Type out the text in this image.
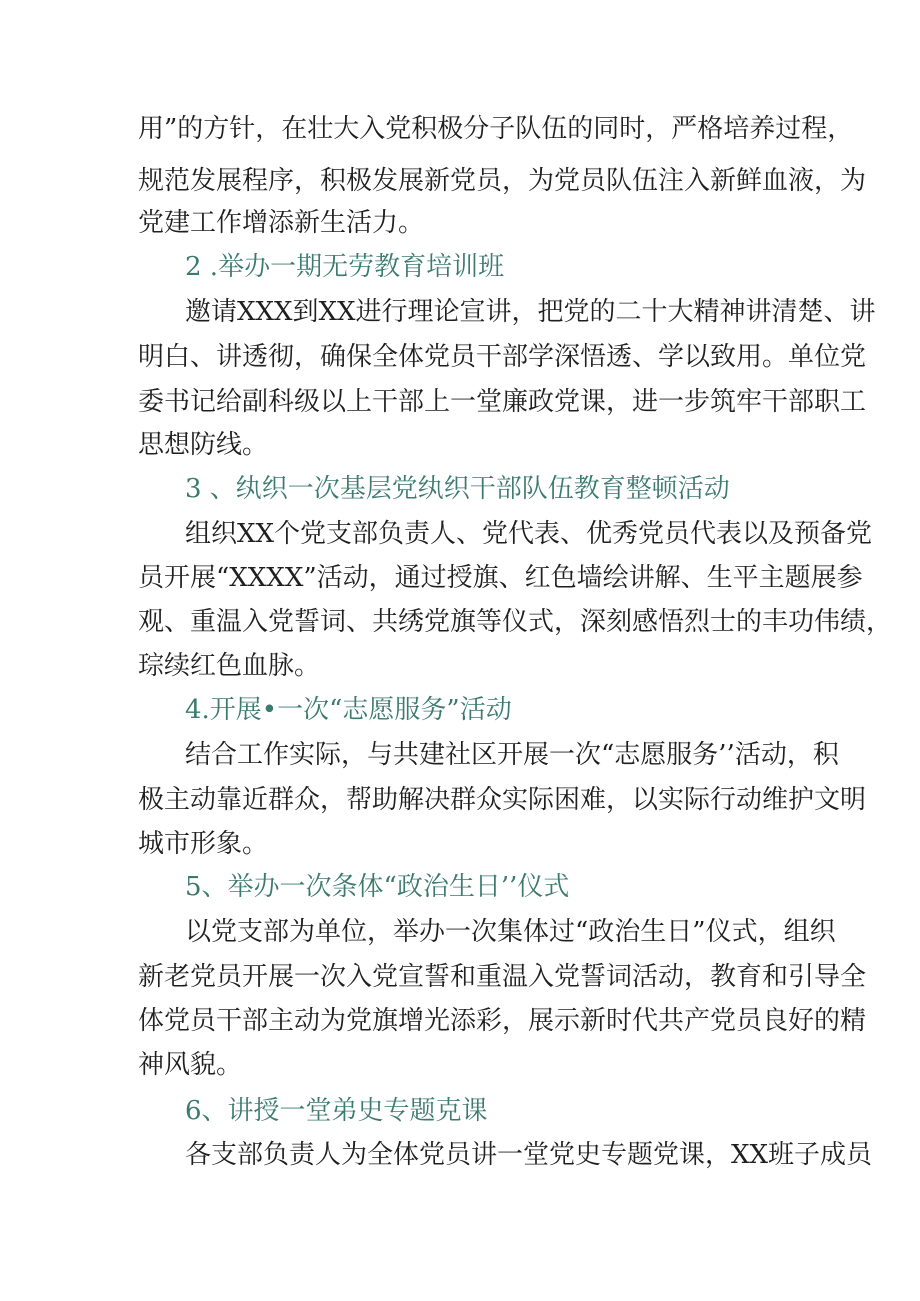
用”的方针，在壮大入党积极分子队伍的同时，严格培养过程，
规范发展程序，积极发展新党员，为党员队伍注入新鲜血液，为
党建工作增添新生活力。
2 .举办一期无劳教育培训班
邀请XXX到XX进行理论宣讲，把党的二十大精神讲清楚、讲
明白、讲透彻，确保全体党员干部学深悟透、学以致用。单位党
委书记给副科级以上干部上一堂廉政党课，进一步筑牢干部职工
思想防线。
3 、纨织一次基层党纨织干部队伍教育整顿活动
组织XX个党支部负责人、党代表、优秀党员代表以及预备党
员开展“XXXX”活动，通过授旗、红色墙绘讲解、生平主题展参
观、重温入党誓词、共绣党旗等仪式，深刻感悟烈士的丰功伟绩，
琮续红色血脉。
4.开展•一次“志愿服务”活动
结合工作实际，与共建社区开展一次“志愿服务’’活动，积
极主动靠近群众，帮助解决群众实际困难，以实际行动维护文明
城市形象。
5、举办一次条体“政治生日’’仪式
以党支部为单位，举办一次集体过“政治生日”仪式，组织
新老党员开展一次入党宣誓和重温入党誓词活动，教育和引导全
体党员干部主动为党旗增光添彩，展示新时代共产党员良好的精
神风貌。
6、讲授一堂弟史专题克课
各支部负责人为全体党员讲一堂党史专题党课，XX班子成员
